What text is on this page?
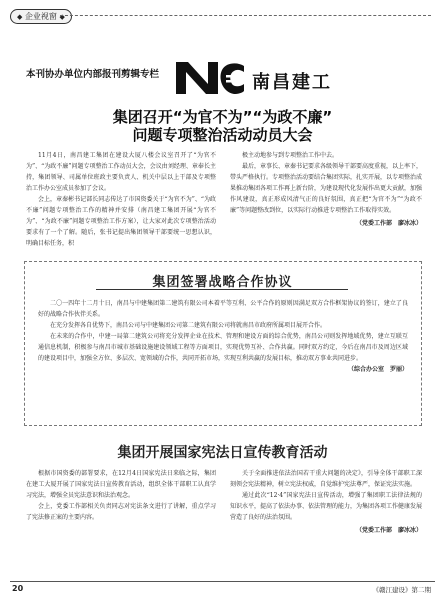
◆ 企业视窗 ◆
本刊协办单位内部报刊剪辑专栏	南昌建工
集团召开“为官不为”“为政不廉”
问题专项整治活动动员大会

11月4日，南昌建工集团在建设大厦八楼会议室召开了“为官不为”、“为政不廉”问题专项整治工作动员大会，会议由刘经理、章奉长主持，集团领导、司属单位班政主要负责人、机关中层以上干部及专项整治工作办公室成员参加了会议。

会上，章秦彬书记部长同志传达了市国资委关于“为官不为”、“为政不廉”问题专项整治工作的精神并安排（南昌建工集团开展“为官不为”、“为政不廉”问题专项整治工作方案），让大家对此次专项整治活动要求有了一个了解。随后，张书记提出集团领导干部要统一思想认识，明确目标任务，积

极主动地参与到专项整治工作中去。

最后，章事长、章秦书记要求各级领导干部要高度重视，以上率下，带头严格执行。专项整治活动要结合集团实际，扎实开展，以专项整治成果推动集团各项工作再上新台阶，为建设现代化发展作出更大贡献，加强作风建设，真正形成风清气正的良好氛围，真正把“为官不为”“为政不廉”等问题整改到位，以实际行动推进专项整治工作取得实效。

（党委工作部　廖冰冰）

集团签署战略合作协议

二〇一四年十二月十日，南昌与中建集团第二建筑有限公司本着平等互利、公平合作的原则因满足双方合作框架协议的签订，建立了良好的战略合作伙伴关系。

在充分发挥各自优势下，南昌公司与中建集团公司第二建筑有限公司将就南昌市政府所属项目展开合作。

在未来的合作中，中建一局第二建筑公司将充分发挥企业在技术、管理和建设方面的综合优势，南昌公司则发挥地域优势，建立互联互通信息机制，积极参与南昌市城市基础设施建设领域工程等方面项目，实现优势互补、合作共赢。同时双方约定，今后在南昌市及周边区域的建设项目中，加强全方位、多层次、宽领域的合作，共同开拓市场，实现互利共赢的发展目标，推动双方事业共同进步。

（综合办公室　罗丽）

集团开展国家宪法日宣传教育活动

根据市国资委的部署要求，在12月4日国家宪法日来临之际，集团在建工大厦开展了国家宪法日宣传教育活动，组织全体干部职工认真学习宪法，增强全员宪法意识和法治观念。

会上，党委工作部相关负责同志对宪法条文进行了讲解，重点学习了宪法修正案的主要内容。

关于全面推进依法治国若干重大问题的决定》，引导全体干部职工深刻领会宪法精神，树立宪法权威，自觉维护宪法尊严，保证宪法实施。

通过此次“12·4”国家宪法日宣传活动，增强了集团职工法律法规的知识水平，提高了依法办事、依法管理的能力，为集团各项工作健康发展营造了良好的法治氛围。

（党委工作部　廖冰冰）

20	《赣江建设》第二期
